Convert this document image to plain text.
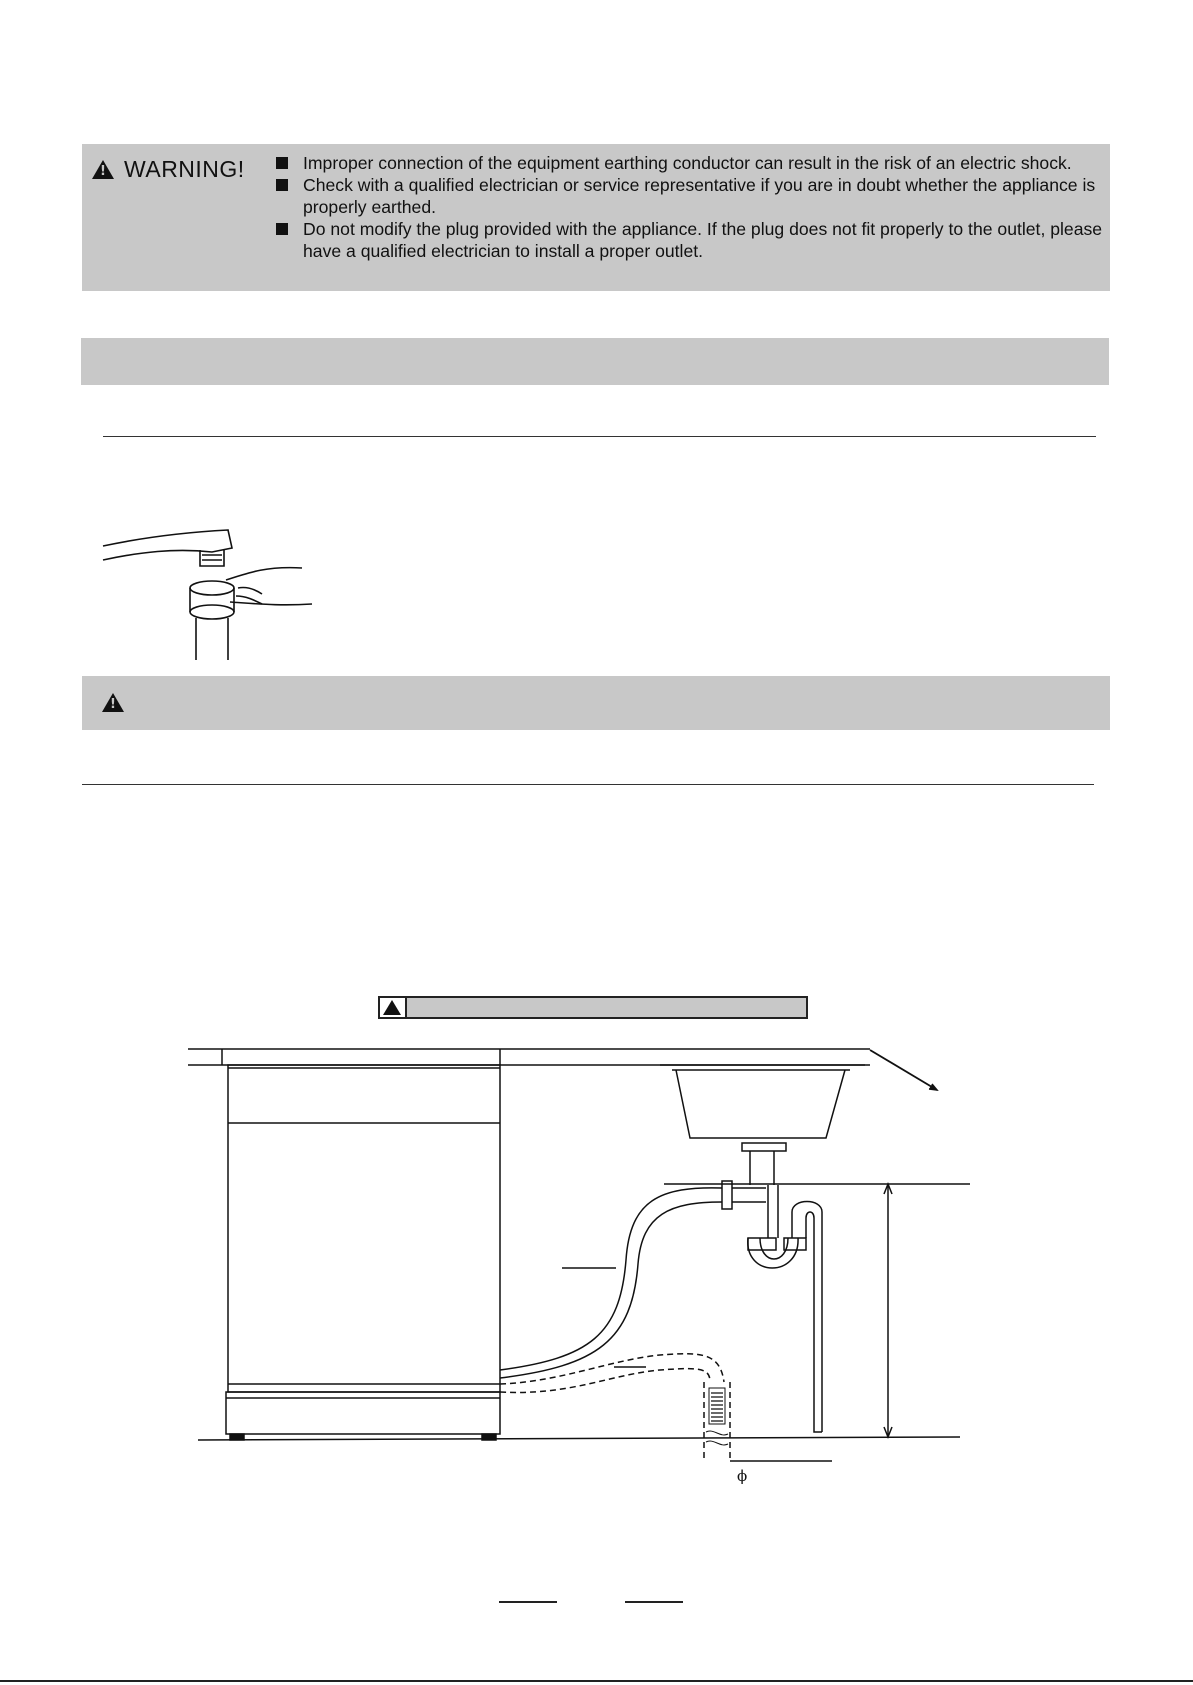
!
WARNING!	Improper connection of the equipment earthing conductor can result in the risk of an electric shock.
Check with a qualified electrician or service representative if you are in doubt whether the appliance is properly earthed.
Do not modify the plug provided with the appliance. If the plug does not fit properly to the outlet, please have a qualified electrician to install a proper outlet.
!
ϕ
